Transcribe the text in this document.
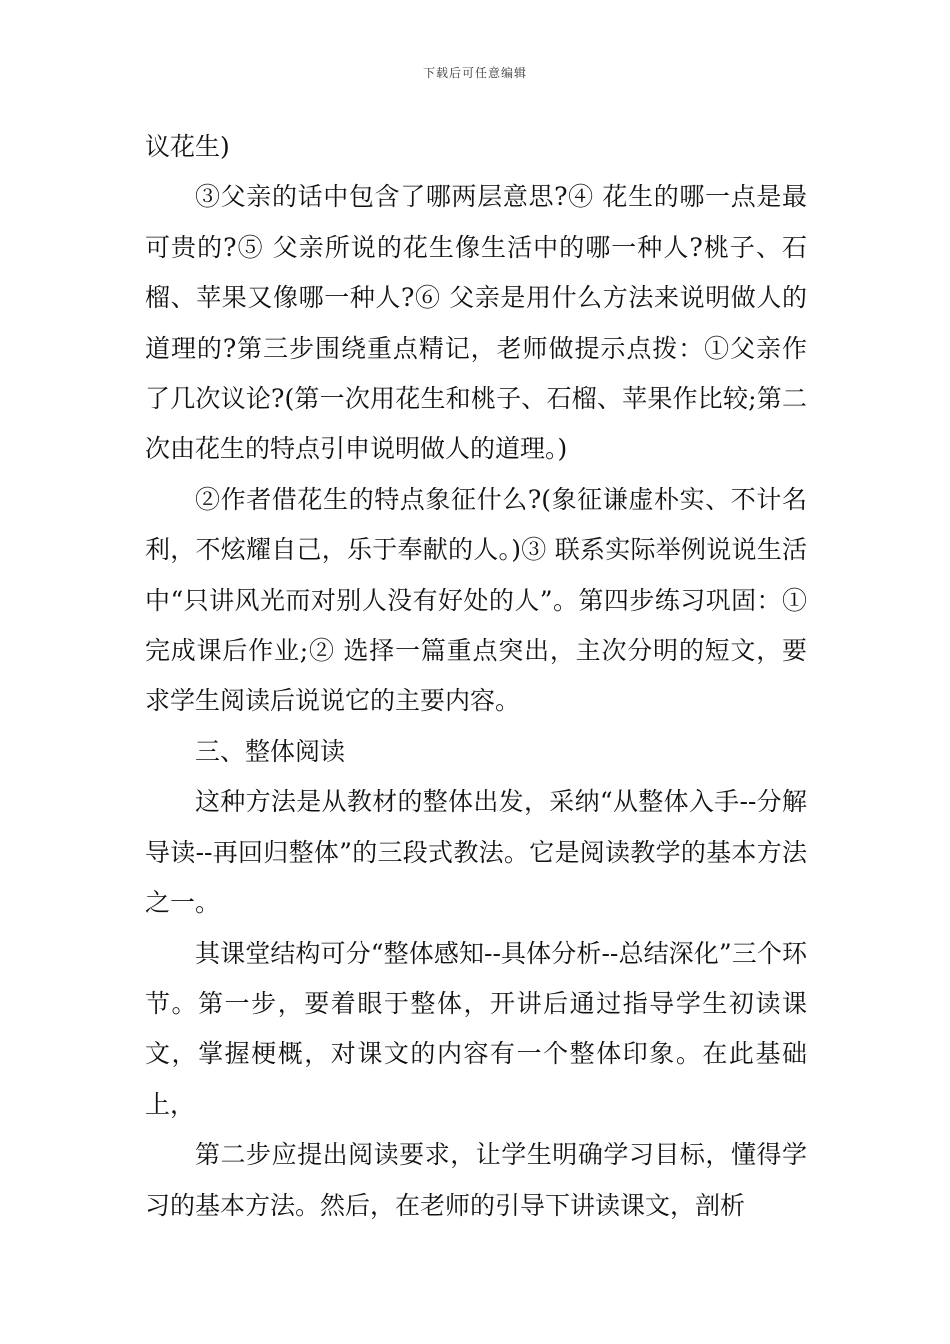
下载后可任意编辑

议花生)

③父亲的话中包含了哪两层意思?④ 花生的哪一点是最可贵的?⑤ 父亲所说的花生像生活中的哪一种人?桃子、石榴、苹果又像哪一种人?⑥ 父亲是用什么方法来说明做人的道理的?第三步围绕重点精记，老师做提示点拨：①父亲作了几次议论?(第一次用花生和桃子、石榴、苹果作比较;第二次由花生的特点引申说明做人的道理。)

②作者借花生的特点象征什么?(象征谦虚朴实、不计名利，不炫耀自己，乐于奉献的人。)③ 联系实际举例说说生活中“只讲风光而对别人没有好处的人”。第四步练习巩固：①完成课后作业;② 选择一篇重点突出，主次分明的短文，要求学生阅读后说说它的主要内容。

三、整体阅读

这种方法是从教材的整体出发，采纳“从整体入手--分解导读--再回归整体”的三段式教法。它是阅读教学的基本方法之一。

其课堂结构可分“整体感知--具体分析--总结深化”三个环节。第一步，要着眼于整体，开讲后通过指导学生初读课文，掌握梗概，对课文的内容有一个整体印象。在此基础上，

第二步应提出阅读要求，让学生明确学习目标，懂得学习的基本方法。然后，在老师的引导下讲读课文，剖析
